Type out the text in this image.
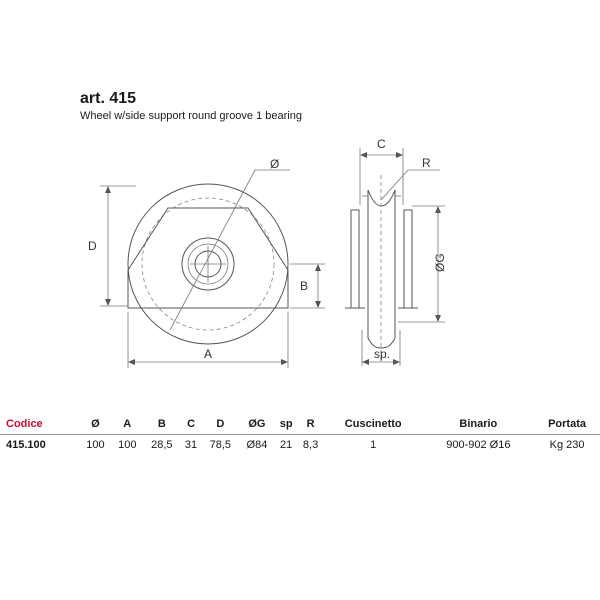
art. 415
Wheel w/side support round groove 1 bearing
Ø
D
B
A
C
R
ØG
sp.
Codice	Ø	A	B	C	D	ØG	sp	R	Cuscinetto	Binario	Portata
415.100	100	100	28,5	31	78,5	Ø84	21	8,3	1	900-902 Ø16	Kg 230
